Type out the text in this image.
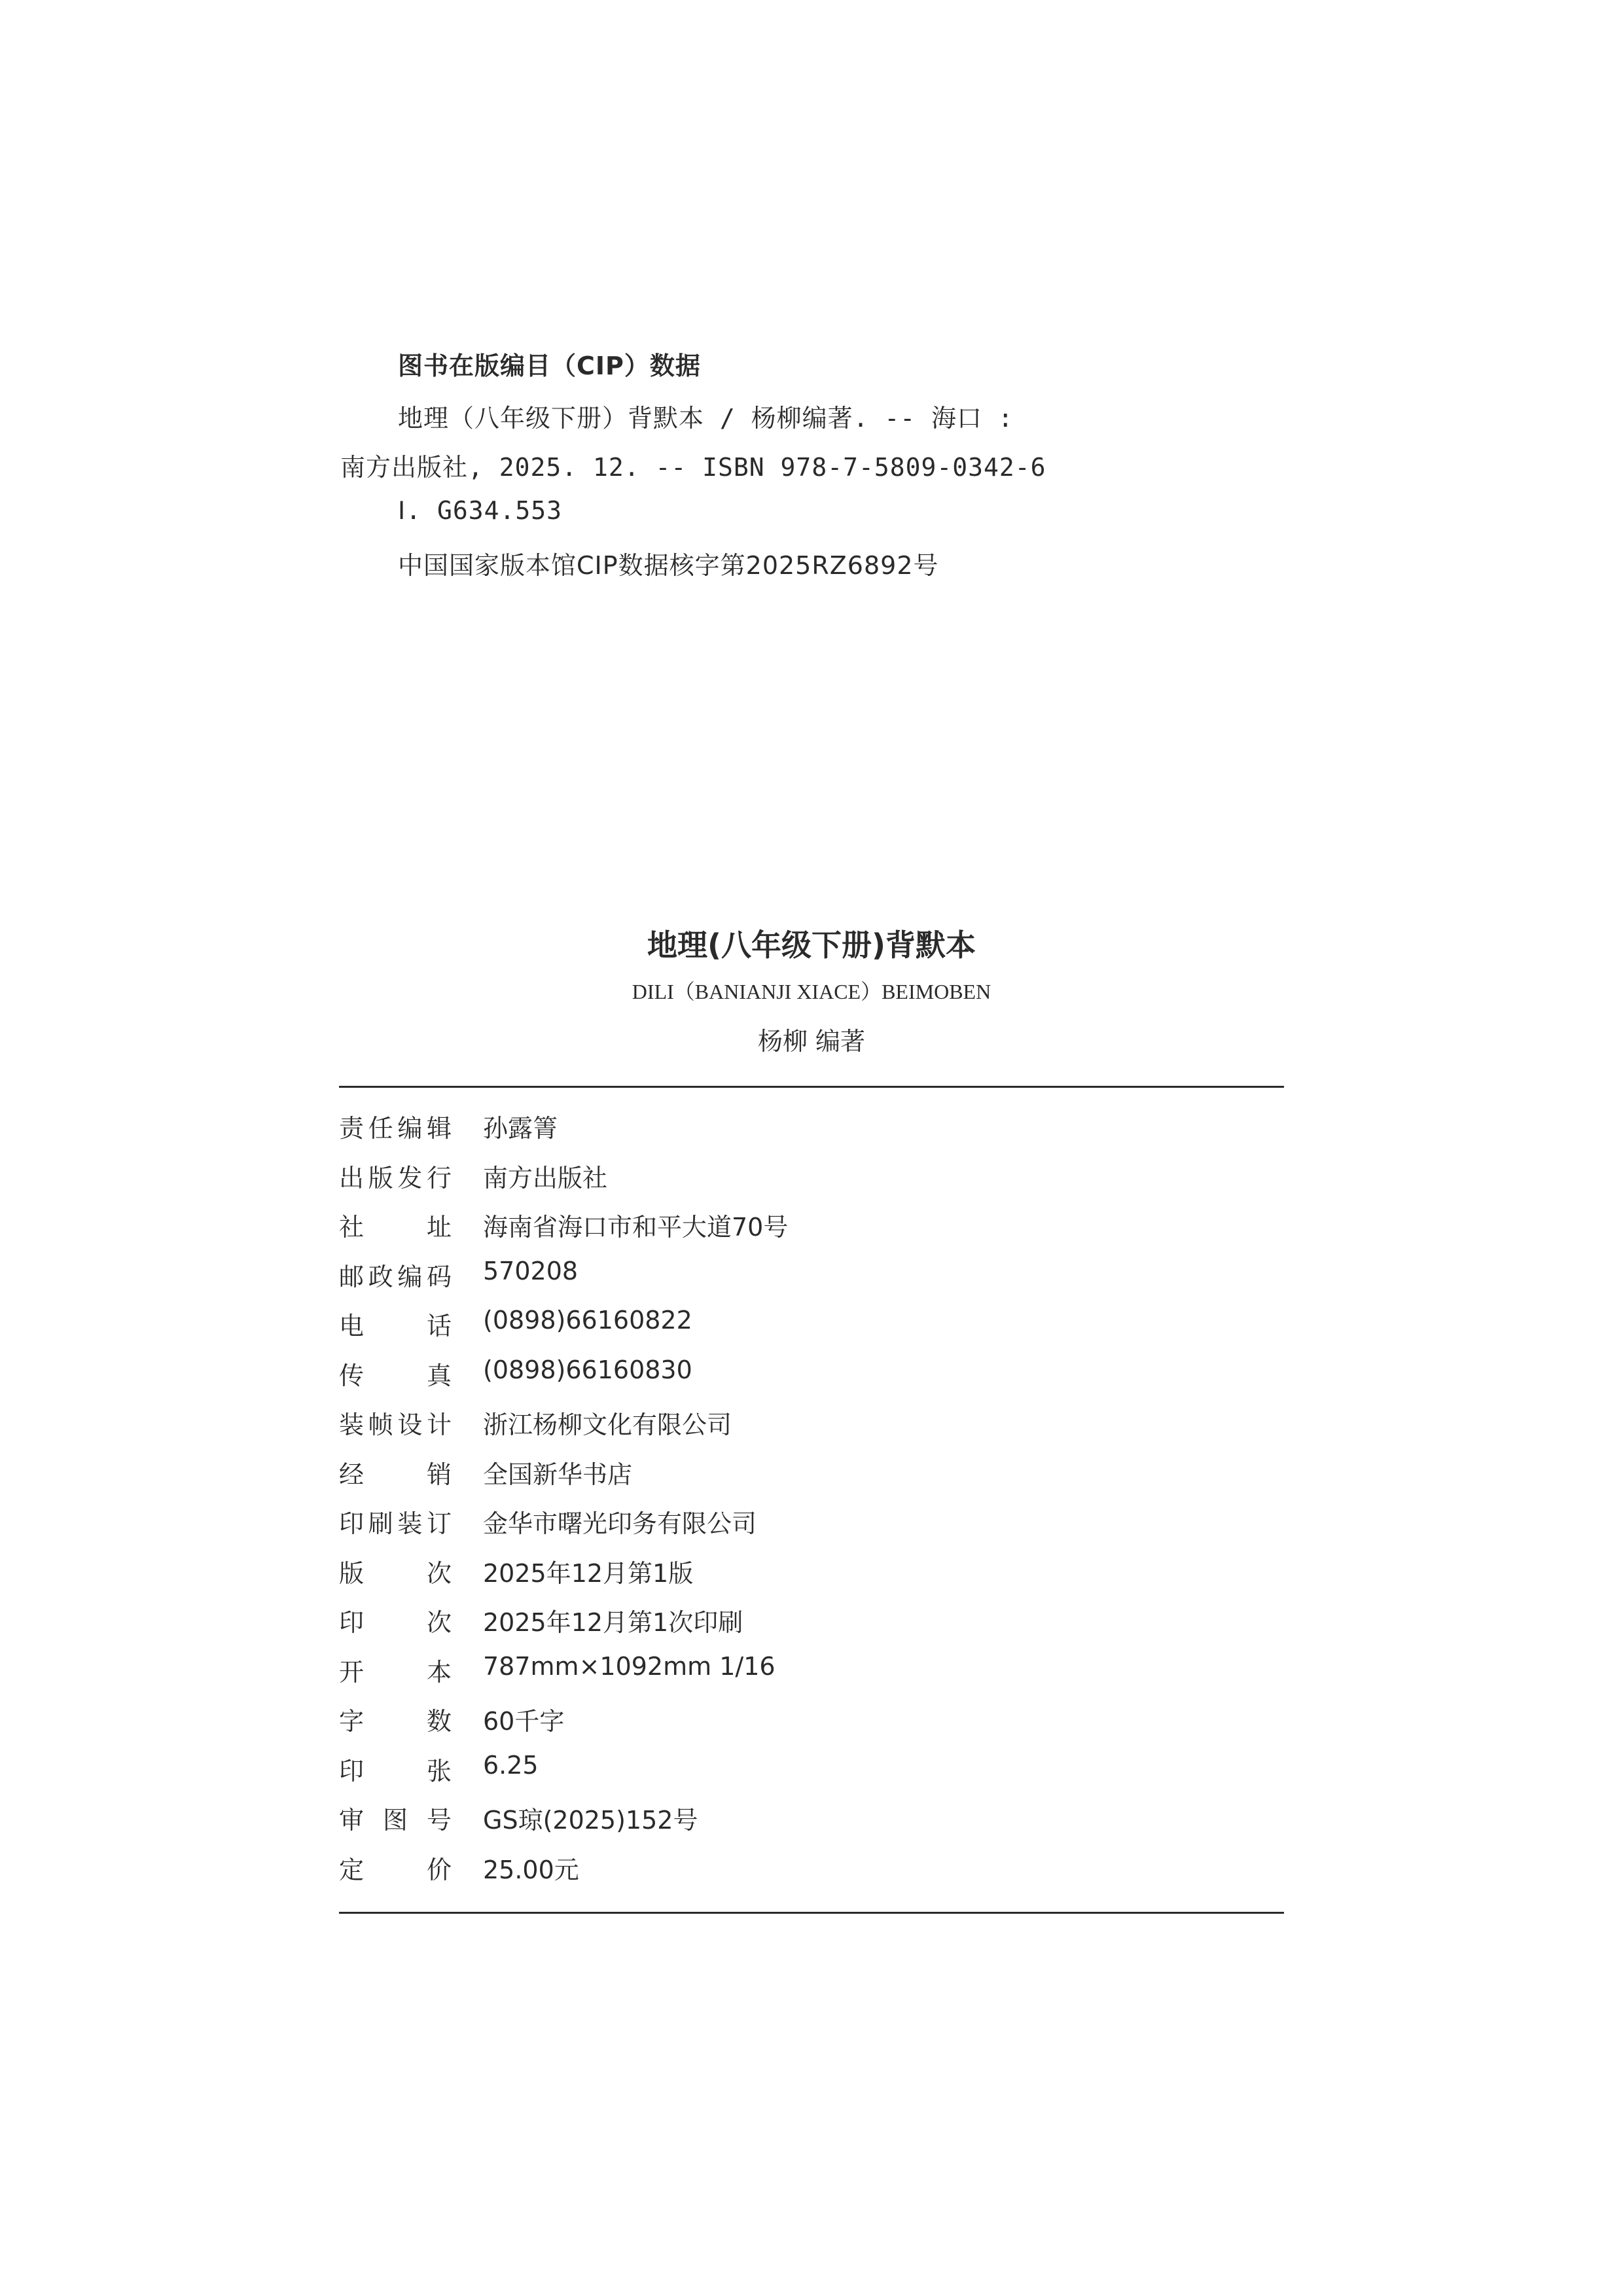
图书在版编目（CIP）数据
地理（八年级下册）背默本 / 杨柳编著. -- 海口 :
南方出版社, 2025. 12. -- ISBN 978-7-5809-0342-6
Ⅰ. G634.553
中国国家版本馆CIP数据核字第2025RZ6892号
地理(八年级下册)背默本
DILI（BANIANJI XIACE）BEIMOBEN
杨柳 编著
责任编辑 孙露箐
出版发行 南方出版社
社	址 海南省海口市和平大道70号
邮政编码 570208
电	话 (0898)66160822
传	真 (0898)66160830
装帧设计 浙江杨柳文化有限公司
经	销 全国新华书店
印刷装订 金华市曙光印务有限公司
版	次 2025年12月第1版
印	次 2025年12月第1次印刷
开	本 787mm×1092mm 1/16
字	数 60千字
印	张 6.25
审 图 号 GS琼(2025)152号
定	价 25.00元
